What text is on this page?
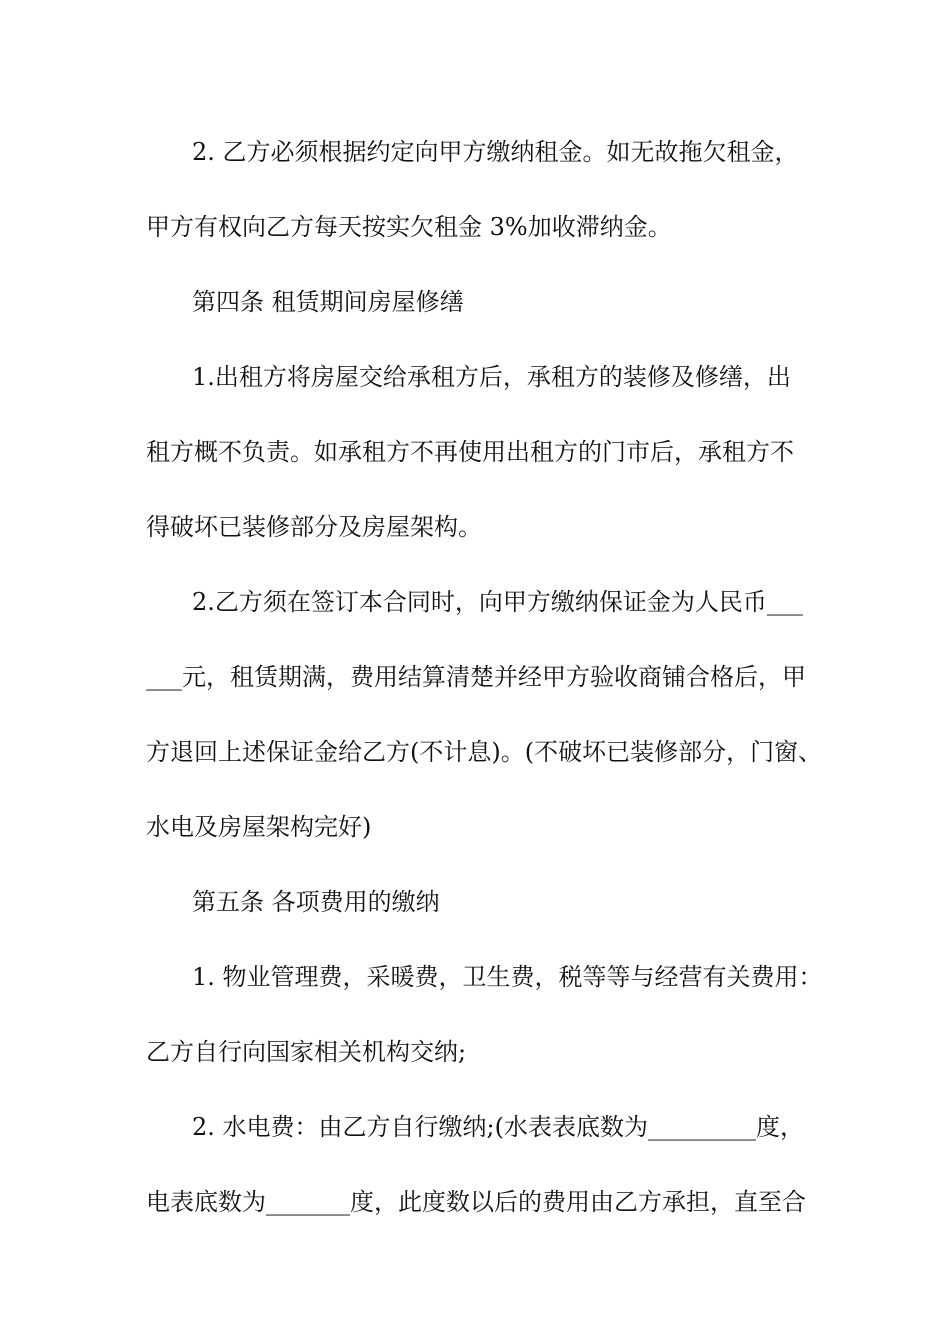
2. 乙方必须根据约定向甲方缴纳租金。如无故拖欠租金，
甲方有权向乙方每天按实欠租金 3%加收滞纳金。
第四条 租赁期间房屋修缮
1.出租方将房屋交给承租方后，承租方的装修及修缮，出
租方概不负责。如承租方不再使用出租方的门市后，承租方不
得破坏已装修部分及房屋架构。
2.乙方须在签订本合同时，向甲方缴纳保证金为人民币___
___元，租赁期满，费用结算清楚并经甲方验收商铺合格后，甲
方退回上述保证金给乙方(不计息)。(不破坏已装修部分，门窗、
水电及房屋架构完好)
第五条 各项费用的缴纳
1. 物业管理费，采暖费，卫生费，税等等与经营有关费用：
乙方自行向国家相关机构交纳;
2. 水电费：由乙方自行缴纳;(水表表底数为_________度，
电表底数为_______度，此度数以后的费用由乙方承担，直至合
